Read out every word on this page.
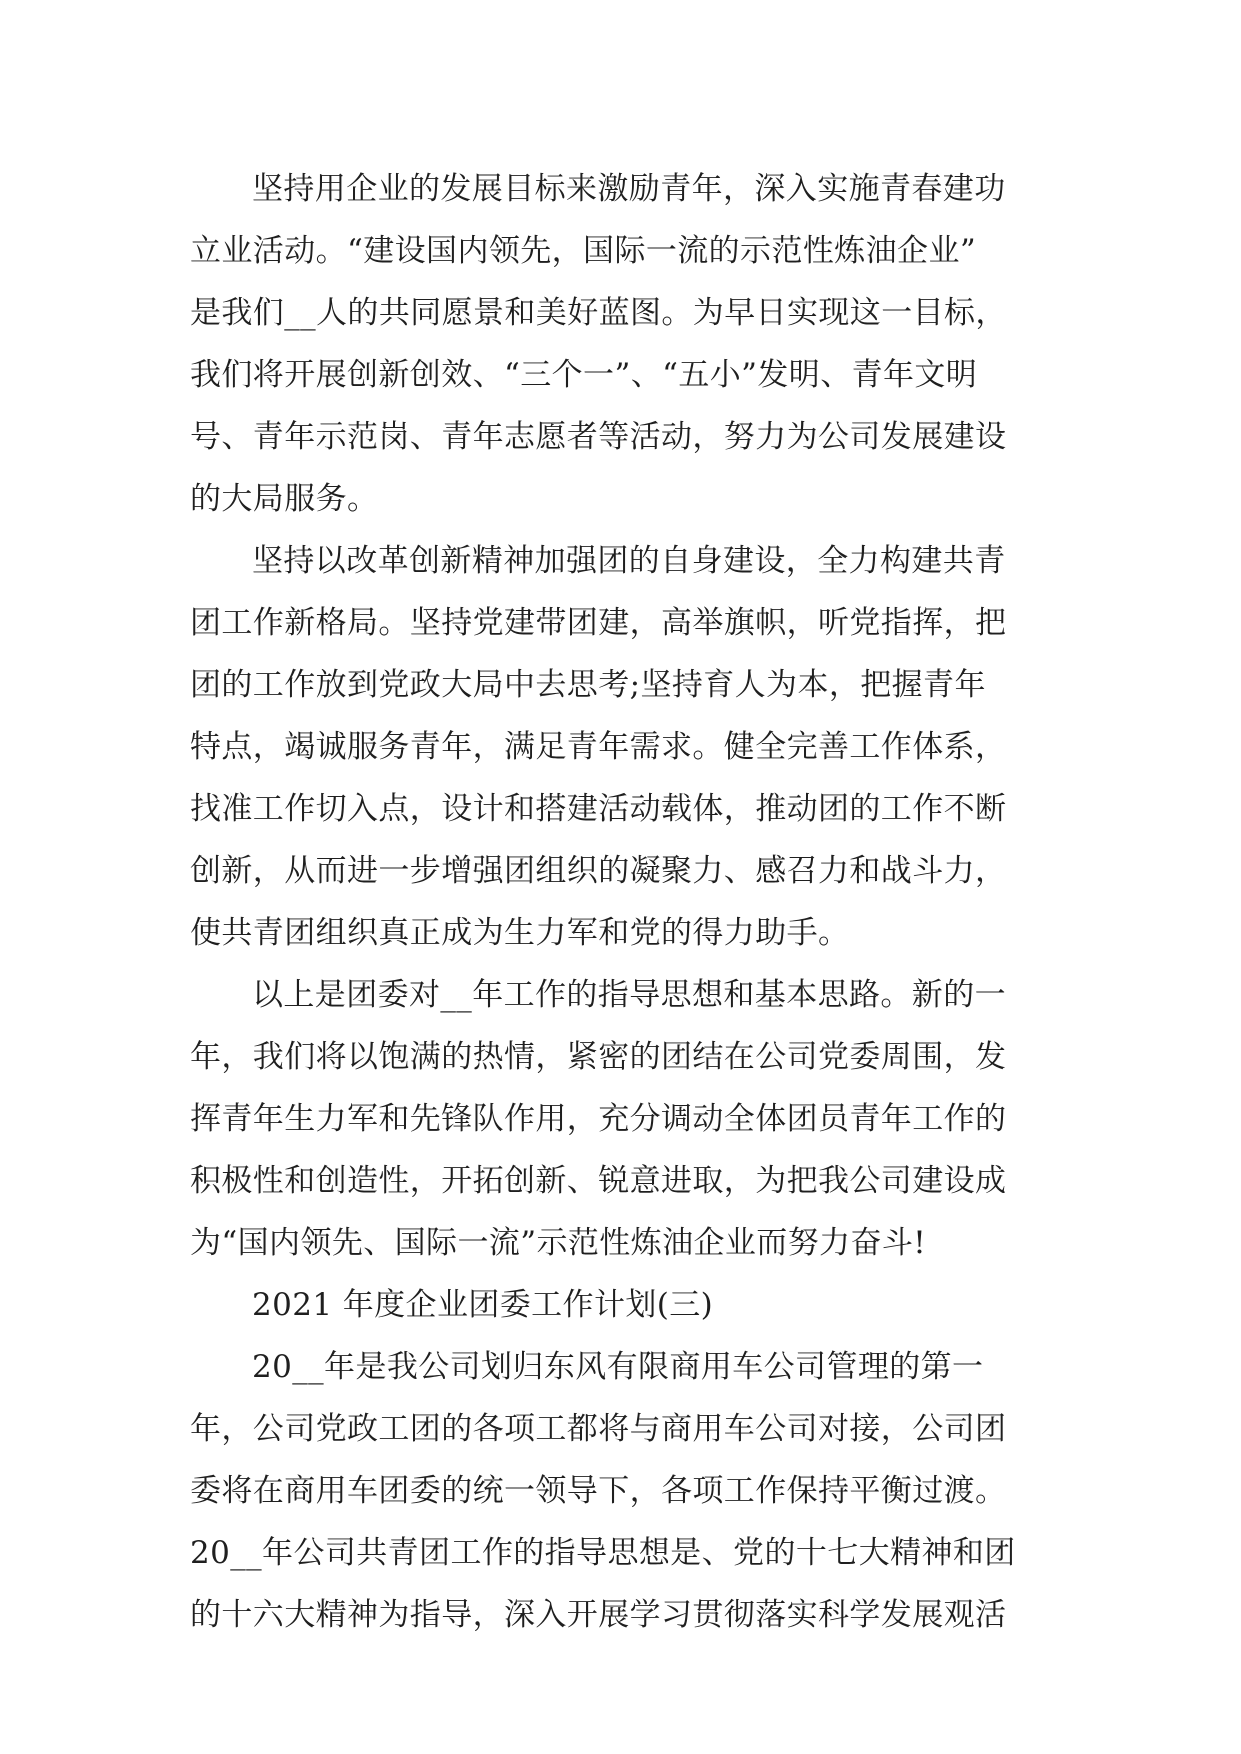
坚持用企业的发展目标来激励青年，深入实施青春建功
立业活动。“建设国内领先，国际一流的示范性炼油企业”
是我们__人的共同愿景和美好蓝图。为早日实现这一目标，
我们将开展创新创效、“三个一”、“五小”发明、青年文明
号、青年示范岗、青年志愿者等活动，努力为公司发展建设
的大局服务。
坚持以改革创新精神加强团的自身建设，全力构建共青
团工作新格局。坚持党建带团建，高举旗帜，听党指挥，把
团的工作放到党政大局中去思考;坚持育人为本，把握青年
特点，竭诚服务青年，满足青年需求。健全完善工作体系，
找准工作切入点，设计和搭建活动载体，推动团的工作不断
创新，从而进一步增强团组织的凝聚力、感召力和战斗力，
使共青团组织真正成为生力军和党的得力助手。
以上是团委对__年工作的指导思想和基本思路。新的一
年，我们将以饱满的热情，紧密的团结在公司党委周围，发
挥青年生力军和先锋队作用，充分调动全体团员青年工作的
积极性和创造性，开拓创新、锐意进取，为把我公司建设成
为“国内领先、国际一流”示范性炼油企业而努力奋斗!
2021 年度企业团委工作计划(三)
20__年是我公司划归东风有限商用车公司管理的第一
年，公司党政工团的各项工都将与商用车公司对接，公司团
委将在商用车团委的统一领导下，各项工作保持平衡过渡。
20__年公司共青团工作的指导思想是、党的十七大精神和团
的十六大精神为指导，深入开展学习贯彻落实科学发展观活
